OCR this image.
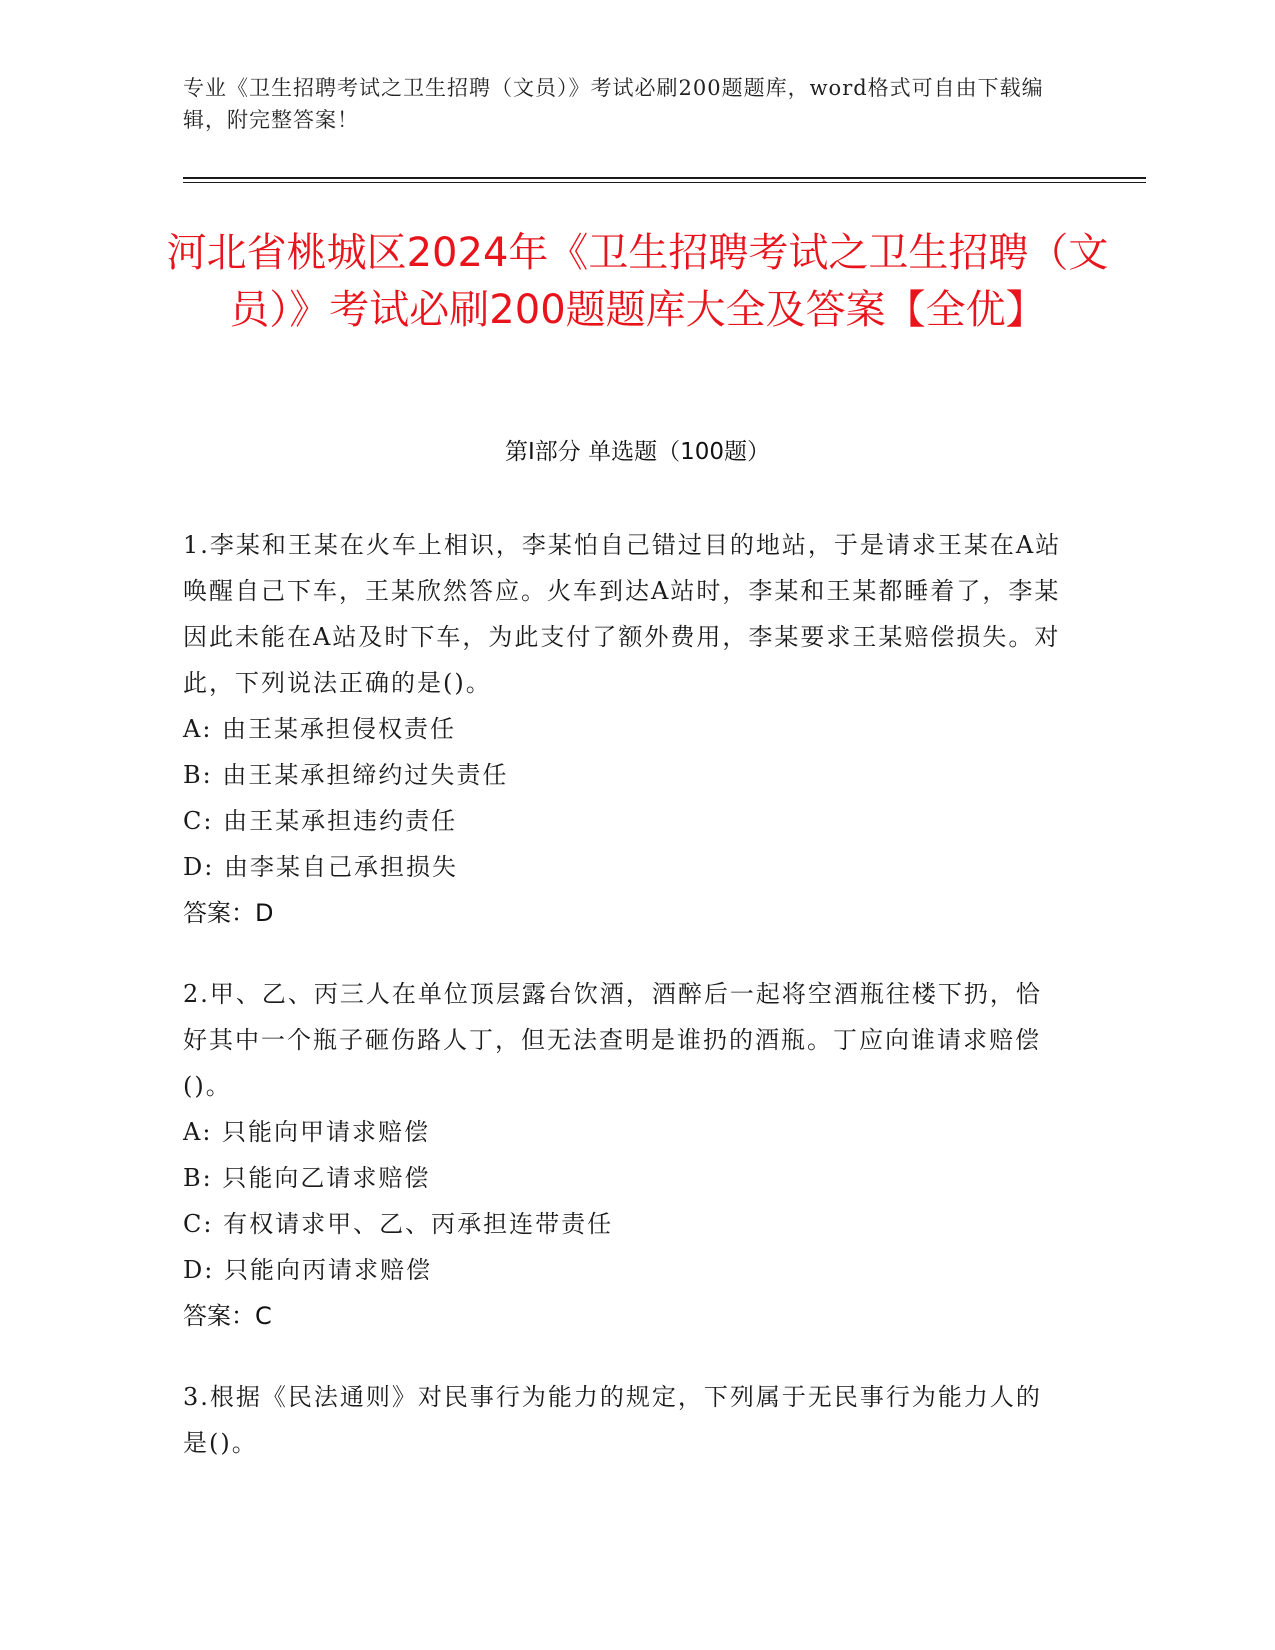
专业《卫生招聘考试之卫生招聘（文员）》考试必刷200题题库，word格式可自由下载编辑，附完整答案！
河北省桃城区2024年《卫生招聘考试之卫生招聘（文员）》考试必刷200题题库大全及答案【全优】
第Ⅰ部分 单选题（100题）
1.李某和王某在火车上相识，李某怕自己错过目的地站，于是请求王某在A站唤醒自己下车，王某欣然答应。火车到达A站时，李某和王某都睡着了，李某因此未能在A站及时下车，为此支付了额外费用，李某要求王某赔偿损失。对此，下列说法正确的是()。
A: 由王某承担侵权责任
B: 由王某承担缔约过失责任
C: 由王某承担违约责任
D: 由李某自己承担损失
答案：D
2.甲、乙、丙三人在单位顶层露台饮酒，酒醉后一起将空酒瓶往楼下扔，恰好其中一个瓶子砸伤路人丁，但无法查明是谁扔的酒瓶。丁应向谁请求赔偿()。
A: 只能向甲请求赔偿
B: 只能向乙请求赔偿
C: 有权请求甲、乙、丙承担连带责任
D: 只能向丙请求赔偿
答案：C
3.根据《民法通则》对民事行为能力的规定，下列属于无民事行为能力人的是()。
